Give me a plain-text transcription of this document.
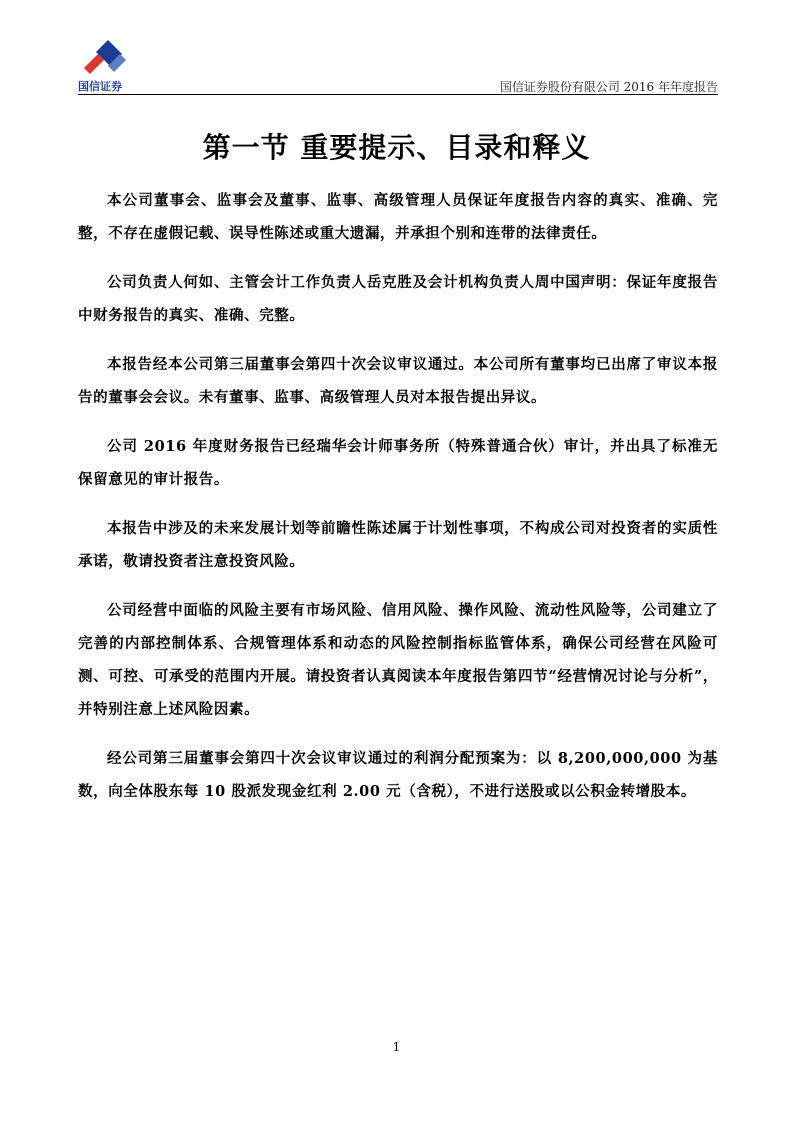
国信证券	国信证券股份有限公司 2016 年年度报告
第一节 重要提示、目录和释义

本公司董事会、监事会及董事、监事、高级管理人员保证年度报告内容的真实、准确、完整，不存在虚假记载、误导性陈述或重大遗漏，并承担个别和连带的法律责任。

公司负责人何如、主管会计工作负责人岳克胜及会计机构负责人周中国声明：保证年度报告中财务报告的真实、准确、完整。

本报告经本公司第三届董事会第四十次会议审议通过。本公司所有董事均已出席了审议本报告的董事会会议。未有董事、监事、高级管理人员对本报告提出异议。

公司 2016 年度财务报告已经瑞华会计师事务所（特殊普通合伙）审计，并出具了标准无保留意见的审计报告。

本报告中涉及的未来发展计划等前瞻性陈述属于计划性事项，不构成公司对投资者的实质性承诺，敬请投资者注意投资风险。

公司经营中面临的风险主要有市场风险、信用风险、操作风险、流动性风险等，公司建立了完善的内部控制体系、合规管理体系和动态的风险控制指标监管体系，确保公司经营在风险可测、可控、可承受的范围内开展。请投资者认真阅读本年度报告第四节“经营情况讨论与分析”，并特别注意上述风险因素。

经公司第三届董事会第四十次会议审议通过的利润分配预案为：以 8,200,000,000 为基数，向全体股东每 10 股派发现金红利 2.00 元（含税），不进行送股或以公积金转增股本。

1
